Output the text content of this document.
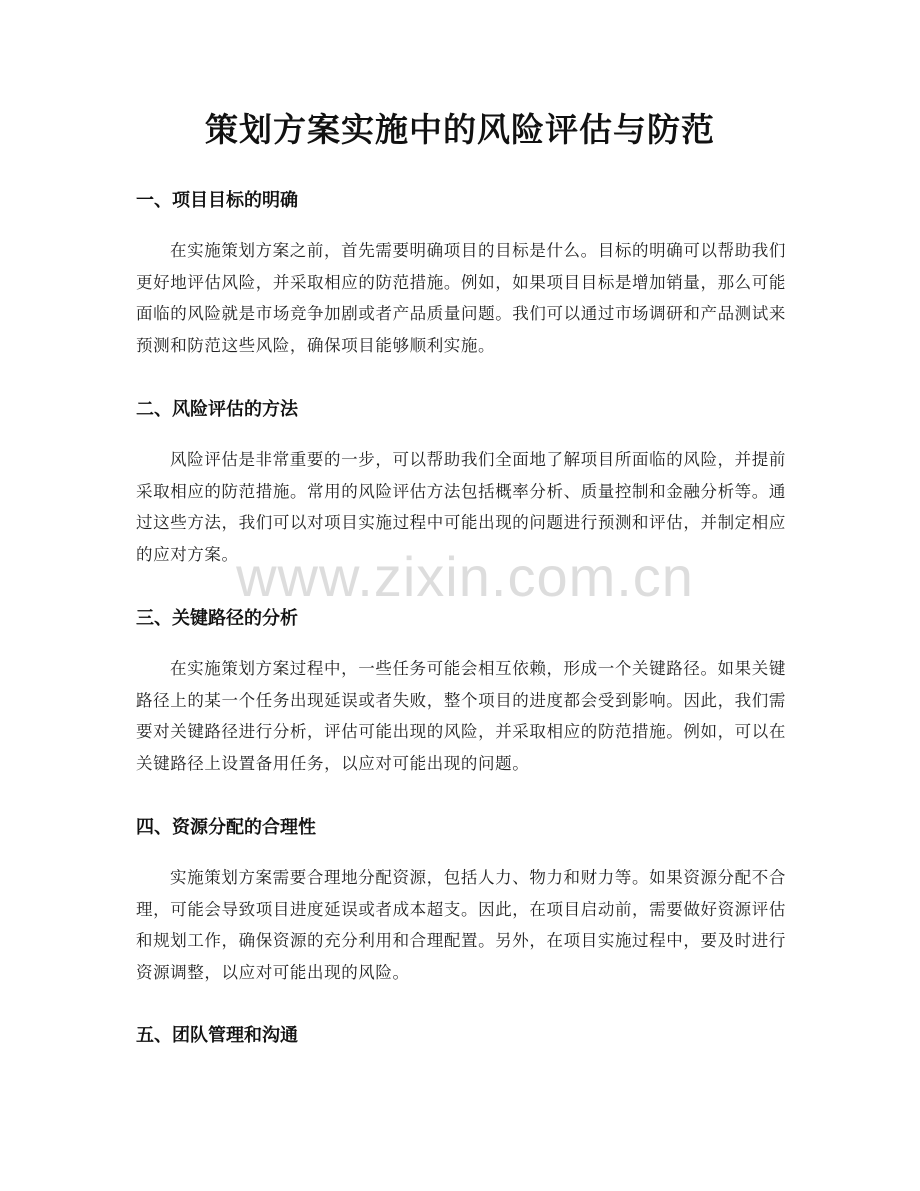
策划方案实施中的风险评估与防范
一、项目目标的明确
在实施策划方案之前，首先需要明确项目的目标是什么。目标的明确可以帮助我们更好地评估风险，并采取相应的防范措施。例如，如果项目目标是增加销量，那么可能面临的风险就是市场竞争加剧或者产品质量问题。我们可以通过市场调研和产品测试来预测和防范这些风险，确保项目能够顺利实施。
二、风险评估的方法
风险评估是非常重要的一步，可以帮助我们全面地了解项目所面临的风险，并提前采取相应的防范措施。常用的风险评估方法包括概率分析、质量控制和金融分析等。通过这些方法，我们可以对项目实施过程中可能出现的问题进行预测和评估，并制定相应的应对方案。
三、关键路径的分析
在实施策划方案过程中，一些任务可能会相互依赖，形成一个关键路径。如果关键路径上的某一个任务出现延误或者失败，整个项目的进度都会受到影响。因此，我们需要对关键路径进行分析，评估可能出现的风险，并采取相应的防范措施。例如，可以在关键路径上设置备用任务，以应对可能出现的问题。
四、资源分配的合理性
实施策划方案需要合理地分配资源，包括人力、物力和财力等。如果资源分配不合理，可能会导致项目进度延误或者成本超支。因此，在项目启动前，需要做好资源评估和规划工作，确保资源的充分利用和合理配置。另外，在项目实施过程中，要及时进行资源调整，以应对可能出现的风险。
五、团队管理和沟通
www.zixin.com.cn
